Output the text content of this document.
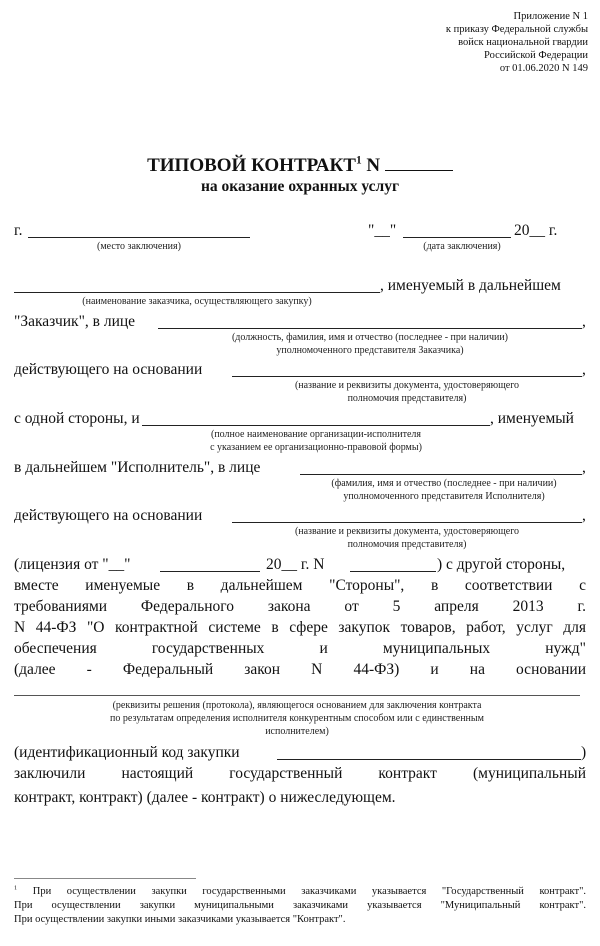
Приложение N 1
к приказу Федеральной службы
войск национальной гвардии
Российской Федерации
от 01.06.2020 N 149
ТИПОВОЙ КОНТРАКТ$^1$ N
на оказание охранных услуг
г.
(место заключения)
"__"	20__ г.
(дата заключения)
, именуемый в дальнейшем
(наименование заказчика, осуществляющего закупку)
"Заказчик", в лице	,
(должность, фамилия, имя и отчество (последнее - при наличии)
уполномоченного представителя Заказчика)
действующего на основании	,
(название и реквизиты документа, удостоверяющего
полномочия представителя)
с одной стороны, и	, именуемый
(полное наименование организации-исполнителя
с указанием ее организационно-правовой формы)
в дальнейшем "Исполнитель", в лице	,
(фамилия, имя и отчество (последнее - при наличии)
уполномоченного представителя Исполнителя)
действующего на основании	,
(название и реквизиты документа, удостоверяющего
полномочия представителя)
(лицензия от "__"	20__ г. N	) с другой стороны,
вместе именуемые в дальнейшем "Стороны", в соответствии с
требованиями Федерального закона от 5 апреля 2013 г.
N 44-ФЗ "О контрактной системе в сфере закупок товаров, работ, услуг для
обеспечения государственных и муниципальных нужд"
(далее - Федеральный закон N 44-ФЗ) и на основании
(реквизиты решения (протокола), являющегося основанием для заключения контракта
по результатам определения исполнителя конкурентным способом или с единственным
исполнителем)
(идентификационный код закупки	)
заключили настоящий государственный контракт (муниципальный
контракт, контракт) (далее - контракт) о нижеследующем.
$^1$ При осуществлении закупки государственными заказчиками указывается "Государственный контракт".
При осуществлении закупки муниципальными заказчиками указывается "Муниципальный контракт".
При осуществлении закупки иными заказчиками указывается "Контракт".
